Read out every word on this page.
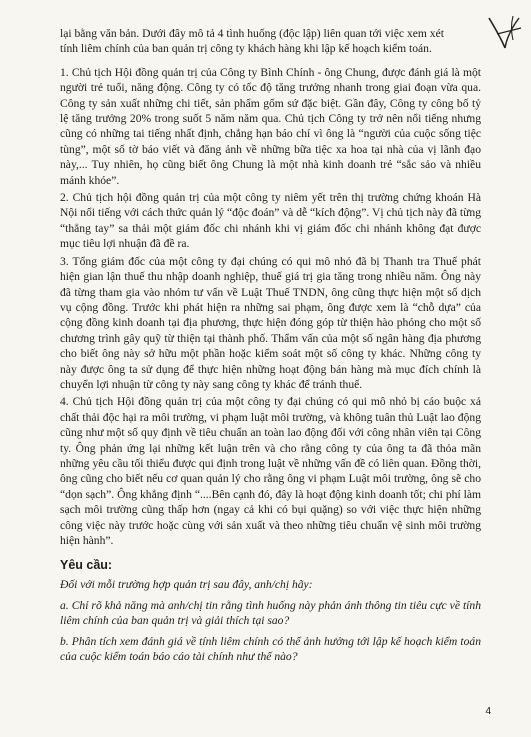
lại bằng văn bản. Dưới đây mô tả 4 tình huống (độc lập) liên quan tới việc xem xét

tính liêm chính của ban quản trị công ty khách hàng khi lập kế hoạch kiểm toán.

1. Chủ tịch Hội đồng quản trị của Công ty Bình Chính - ông Chung, được đánh giá là một người trẻ tuổi, năng động. Công ty có tốc độ tăng trưởng nhanh trong giai đoạn vừa qua. Công ty sản xuất những chi tiết, sản phẩm gốm sứ đặc biệt. Gần đây, Công ty công bố tỷ lệ tăng trưởng 20% trong suốt 5 năm năm qua. Chủ tịch Công ty trở nên nổi tiếng nhưng cũng có những tai tiếng nhất định, chẳng hạn báo chí vì ông là “người của cuộc sống tiệc tùng”, một số tờ báo viết và đăng ảnh về những bữa tiệc xa hoa tại nhà của vị lãnh đạo này,... Tuy nhiên, họ cũng biết ông Chung là một nhà kinh doanh trẻ “sắc sảo và nhiều mánh khóe”.

2. Chủ tịch hội đồng quản trị của một công ty niêm yết trên thị trường chứng khoán Hà Nội nổi tiếng với cách thức quản lý “độc đoán” và dễ “kích động”. Vị chủ tịch này đã từng “thẳng tay” sa thải một giám đốc chi nhánh khi vị giám đốc chi nhánh không đạt được mục tiêu lợi nhuận đã đề ra.

3. Tổng giám đốc của một công ty đại chúng có qui mô nhỏ đã bị Thanh tra Thuế phát hiện gian lận thuế thu nhập doanh nghiệp, thuế giá trị gia tăng trong nhiều năm. Ông này đã từng tham gia vào nhóm tư vấn về Luật Thuế TNDN, ông cũng thực hiện một số dịch vụ cộng đồng. Trước khi phát hiện ra những sai phạm, ông được xem là “chỗ dựa” của cộng đồng kinh doanh tại địa phương, thực hiện đóng góp từ thiện hào phóng cho một số chương trình gây quỹ từ thiện tại thành phố. Thẩm vấn của một số ngân hàng địa phương cho biết ông này sở hữu một phần hoặc kiểm soát một số công ty khác. Những công ty này được ông ta sử dụng để thực hiện những hoạt động bán hàng mà mục đích chính là chuyển lợi nhuận từ công ty này sang công ty khác để tránh thuế.

4. Chủ tịch Hội đồng quản trị của một công ty đại chúng có qui mô nhỏ bị cáo buộc xả chất thải độc hại ra môi trường, vi phạm luật môi trường, và không tuân thủ Luật lao động cũng như một số quy định về tiêu chuẩn an toàn lao động đối với công nhân viên tại Công ty. Ông phản ứng lại những kết luận trên và cho rằng công ty của ông ta đã thỏa mãn những yêu cầu tối thiểu được qui định trong luật về những vấn đề có liên quan. Đồng thời, ông cũng cho biết nếu cơ quan quản lý cho rằng ông vi phạm Luật môi trường, ông sẽ cho “dọn sạch”. Ông khẳng định “....Bên cạnh đó, đây là hoạt động kinh doanh tốt; chi phí làm sạch môi trường cũng thấp hơn (ngay cả khi có bụi quặng) so với việc thực hiện những công việc này trước hoặc cùng với sản xuất và theo những tiêu chuẩn vệ sinh môi trường hiện hành”.

Yêu cầu:

Đối với mỗi trường hợp quản trị sau đây, anh/chị hãy:

a. Chỉ rõ khả năng mà anh/chị tin rằng tình huống này phản ánh thông tin tiêu cực về tính liêm chính của ban quản trị và giải thích tại sao?

b. Phân tích xem đánh giá về tính liêm chính có thể ảnh hưởng tới lập kế hoạch kiểm toán của cuộc kiểm toán báo cáo tài chính như thế nào?

4
